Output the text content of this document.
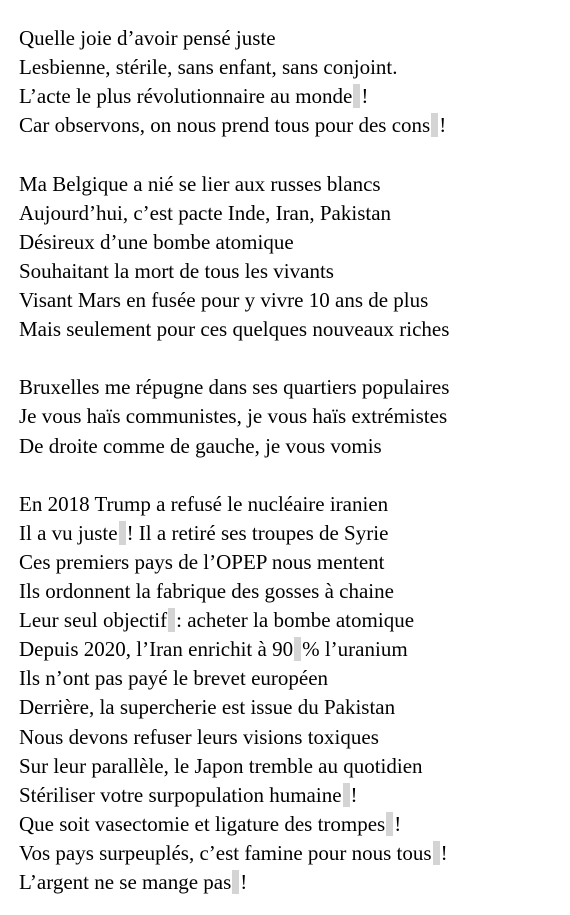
Quelle joie d’avoir pensé juste
Lesbienne, stérile, sans enfant, sans conjoint.
L’acte le plus révolutionnaire au monde !
Car observons, on nous prend tous pour des cons !
Ma Belgique a nié se lier aux russes blancs
Aujourd’hui, c’est pacte Inde, Iran, Pakistan
Désireux d’une bombe atomique
Souhaitant la mort de tous les vivants
Visant Mars en fusée pour y vivre 10 ans de plus
Mais seulement pour ces quelques nouveaux riches
Bruxelles me répugne dans ses quartiers populaires
Je vous haïs communistes, je vous haïs extrémistes
De droite comme de gauche, je vous vomis
En 2018 Trump a refusé le nucléaire iranien
Il a vu juste ! Il a retiré ses troupes de Syrie
Ces premiers pays de l’OPEP nous mentent
Ils ordonnent la fabrique des gosses à chaine
Leur seul objectif : acheter la bombe atomique
Depuis 2020, l’Iran enrichit à 90 % l’uranium
Ils n’ont pas payé le brevet européen
Derrière, la supercherie est issue du Pakistan
Nous devons refuser leurs visions toxiques
Sur leur parallèle, le Japon tremble au quotidien
Stériliser votre surpopulation humaine !
Que soit vasectomie et ligature des trompes !
Vos pays surpeuplés, c’est famine pour nous tous !
L’argent ne se mange pas !
